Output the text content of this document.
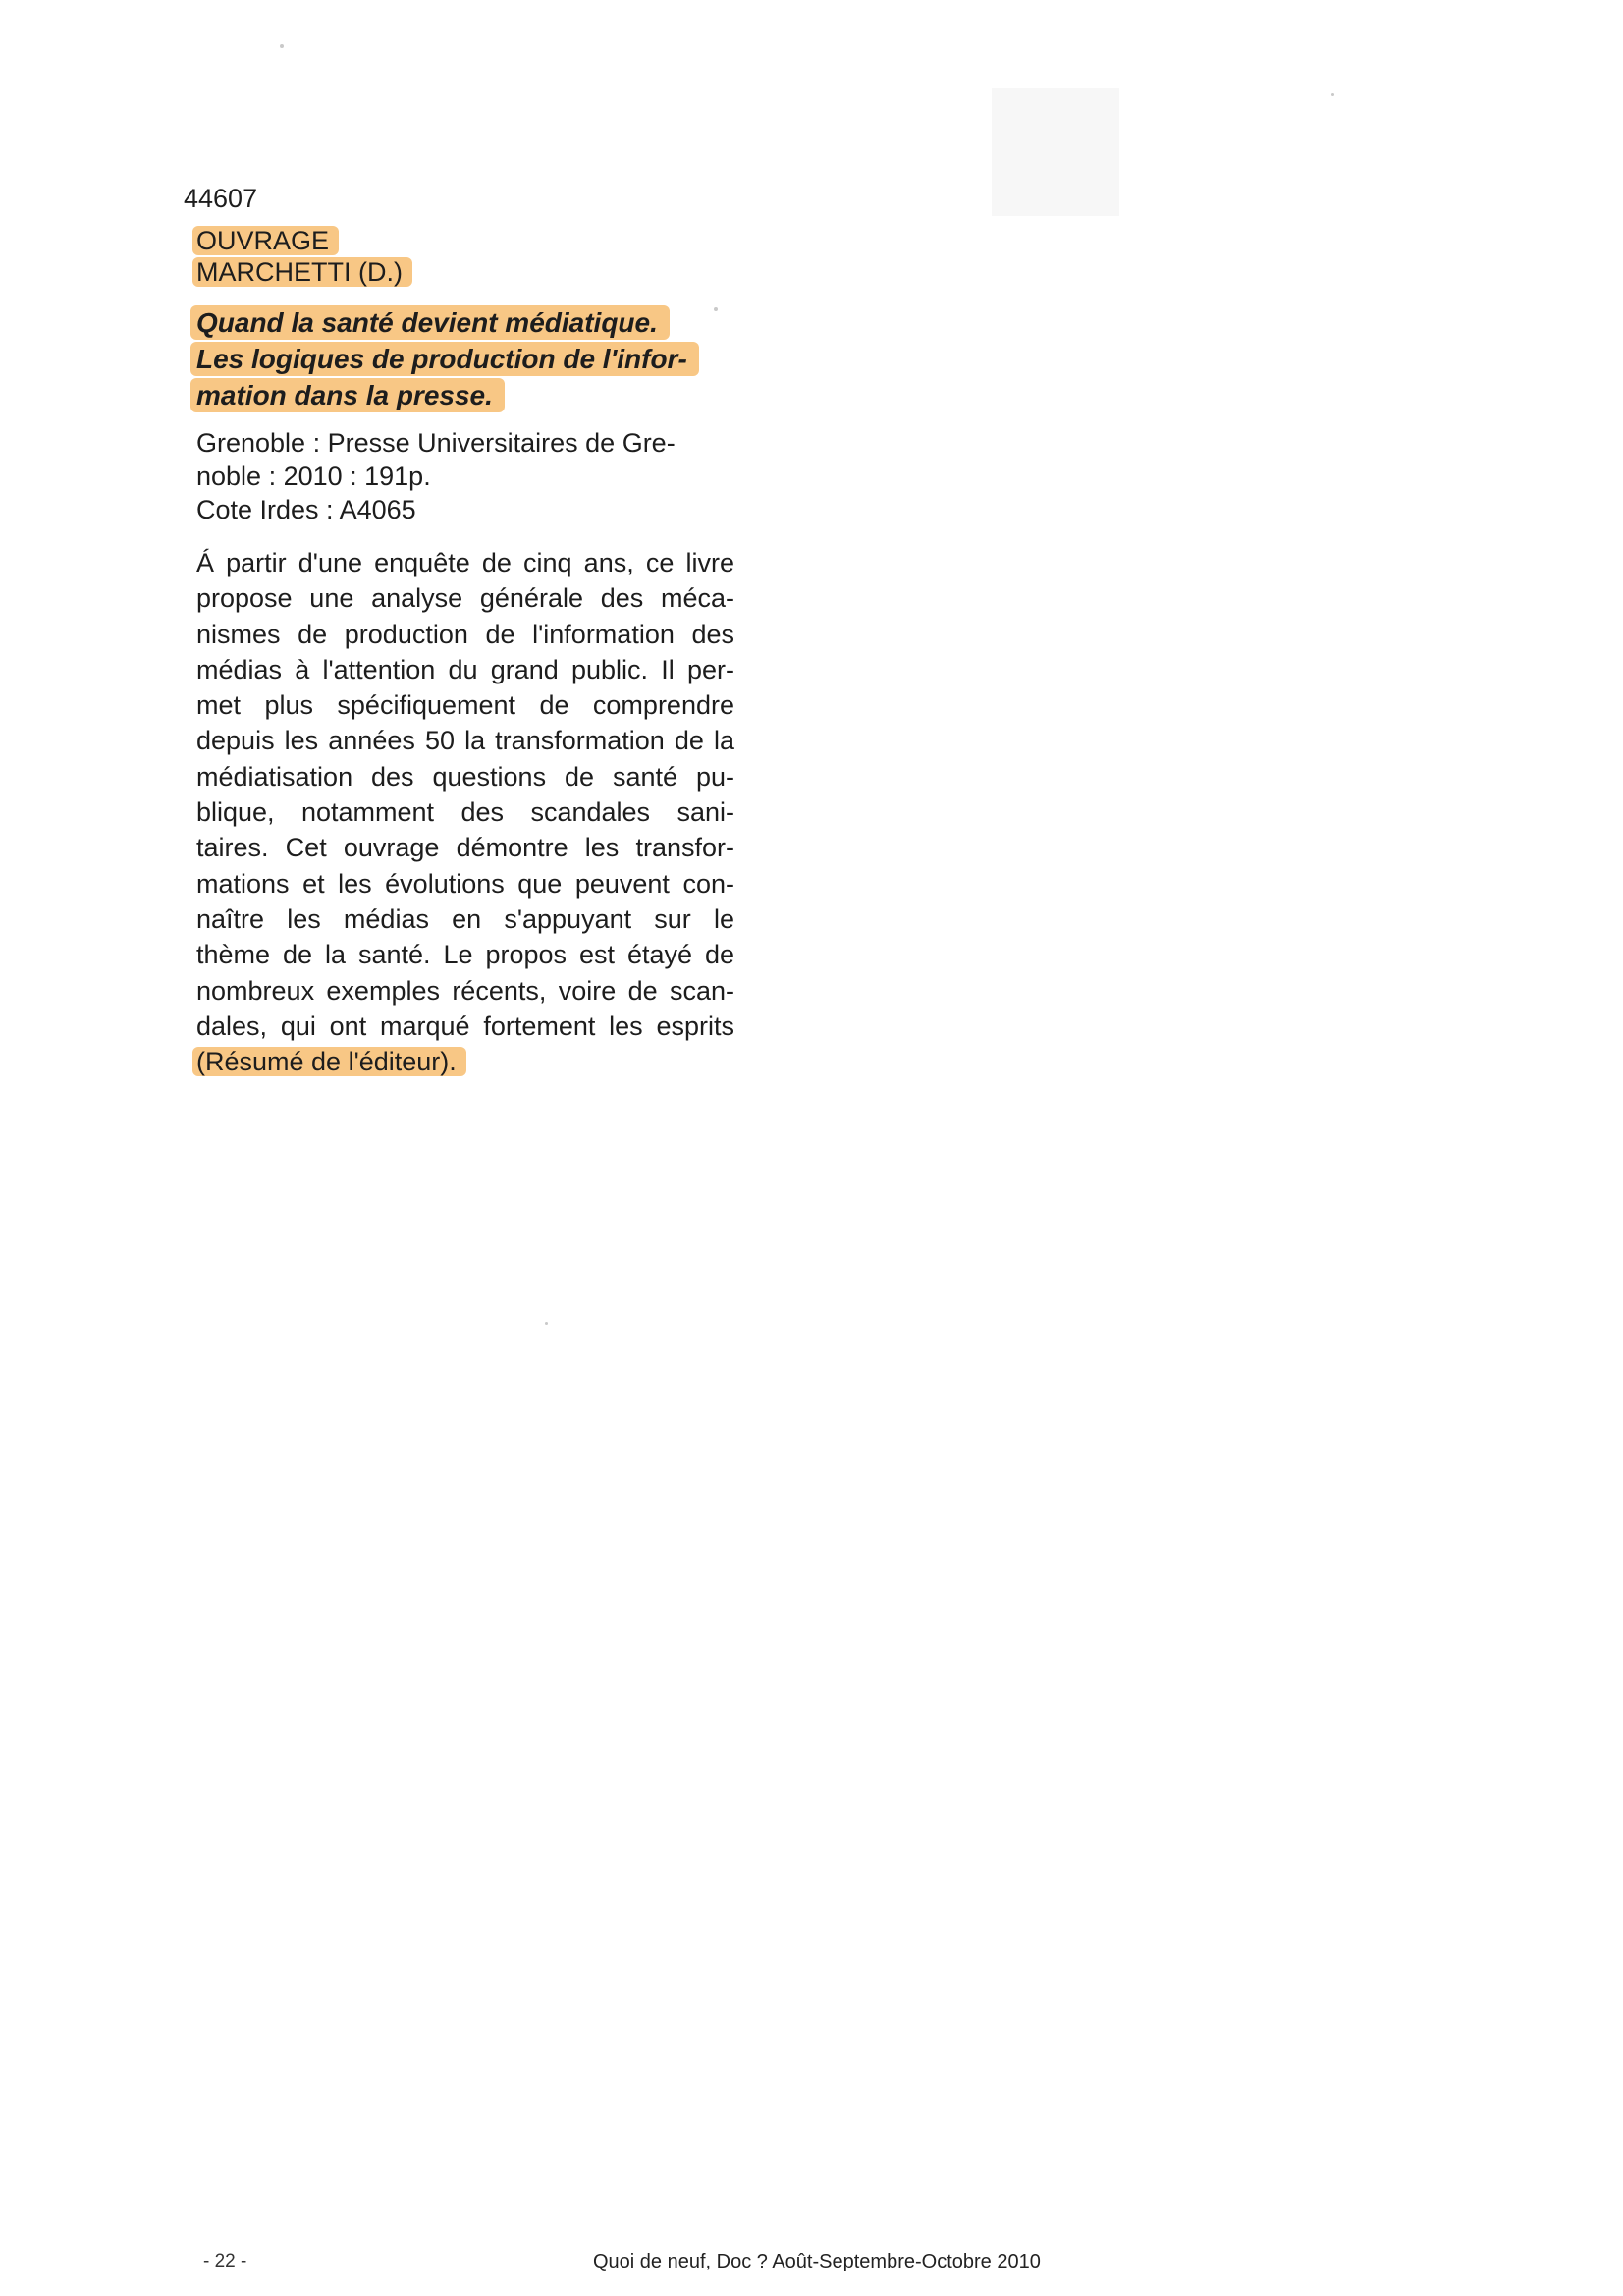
44607
OUVRAGE
MARCHETTI (D.)
Quand la santé devient médiatique.
Les logiques de production de l'infor-
mation dans la presse.
Grenoble : Presse Universitaires de Gre-
noble : 2010 : 191p.
Cote Irdes : A4065
Á partir d'une enquête de cinq ans, ce livre
propose une analyse générale des méca-
nismes de production de l'information des
médias à l'attention du grand public. Il per-
met plus spécifiquement de comprendre
depuis les années 50 la transformation de la
médiatisation des questions de santé pu-
blique, notamment des scandales sani-
taires. Cet ouvrage démontre les transfor-
mations et les évolutions que peuvent con-
naître les médias en s'appuyant sur le
thème de la santé. Le propos est étayé de
nombreux exemples récents, voire de scan-
dales, qui ont marqué fortement les esprits
(Résumé de l'éditeur).
- 22 -	Quoi de neuf, Doc ? Août-Septembre-Octobre 2010
